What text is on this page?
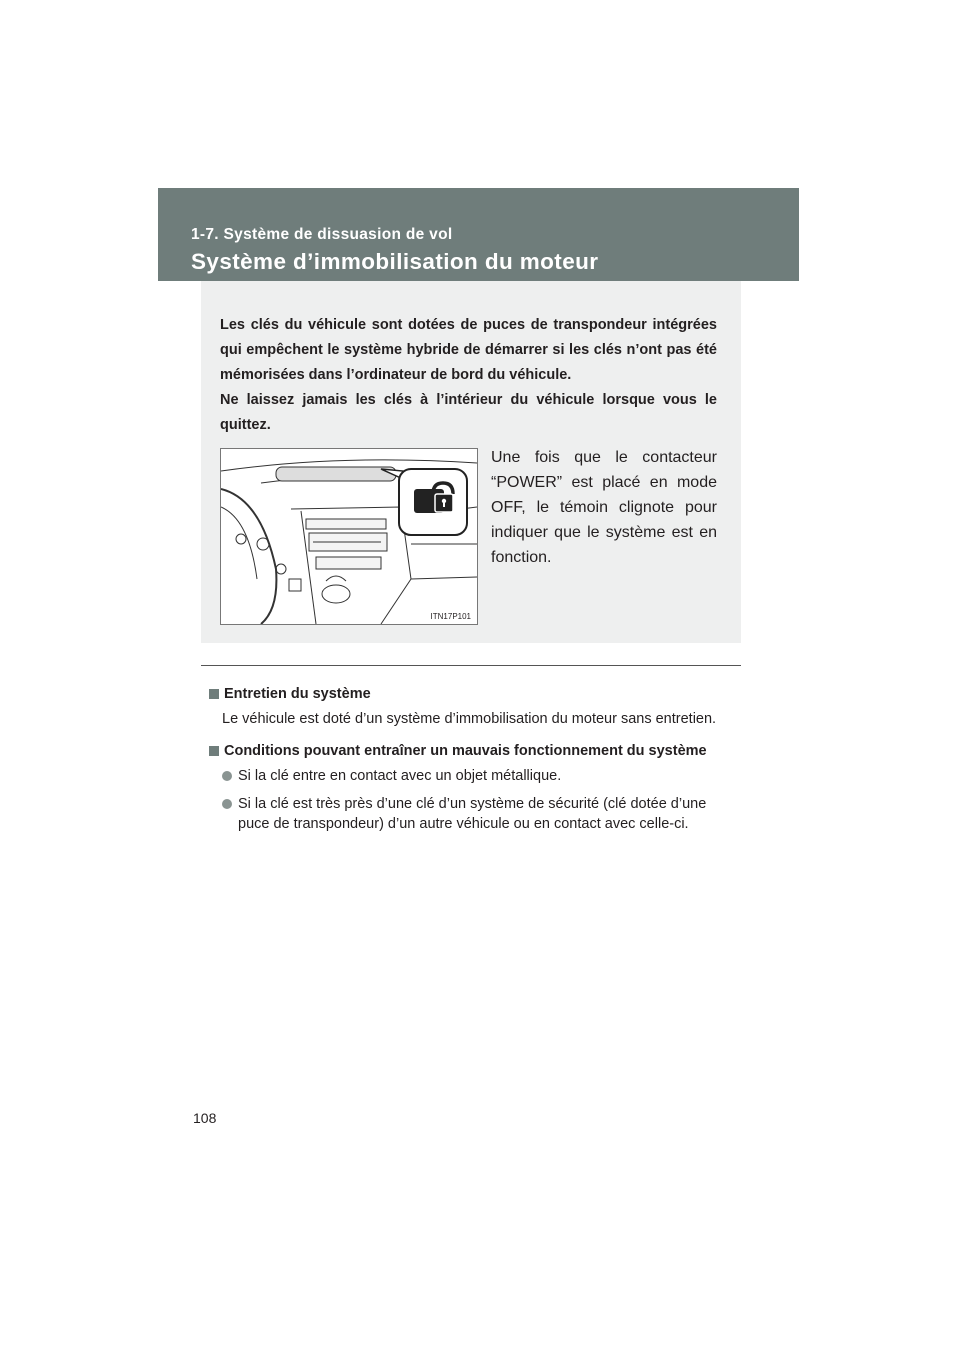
1-7. Système de dissuasion de vol
Système d’immobilisation du moteur

Les clés du véhicule sont dotées de puces de transpondeur intégrées qui empêchent le système hybride de démarrer si les clés n’ont pas été mémorisées dans l’ordinateur de bord du véhicule.

Ne laissez jamais les clés à l’intérieur du véhicule lorsque vous le quittez.

ITN17P101
Une fois que le contacteur “POWER” est placé en mode OFF, le témoin clignote pour indiquer que le système est en fonction.
Entretien du système

Le véhicule est doté d’un système d’immobilisation du moteur sans entretien.

Conditions pouvant entraîner un mauvais fonctionnement du système
Si la clé entre en contact avec un objet métallique.
Si la clé est très près d’une clé d’un système de sécurité (clé dotée d’une puce de transpondeur) d’un autre véhicule ou en contact avec celle-ci.
108
